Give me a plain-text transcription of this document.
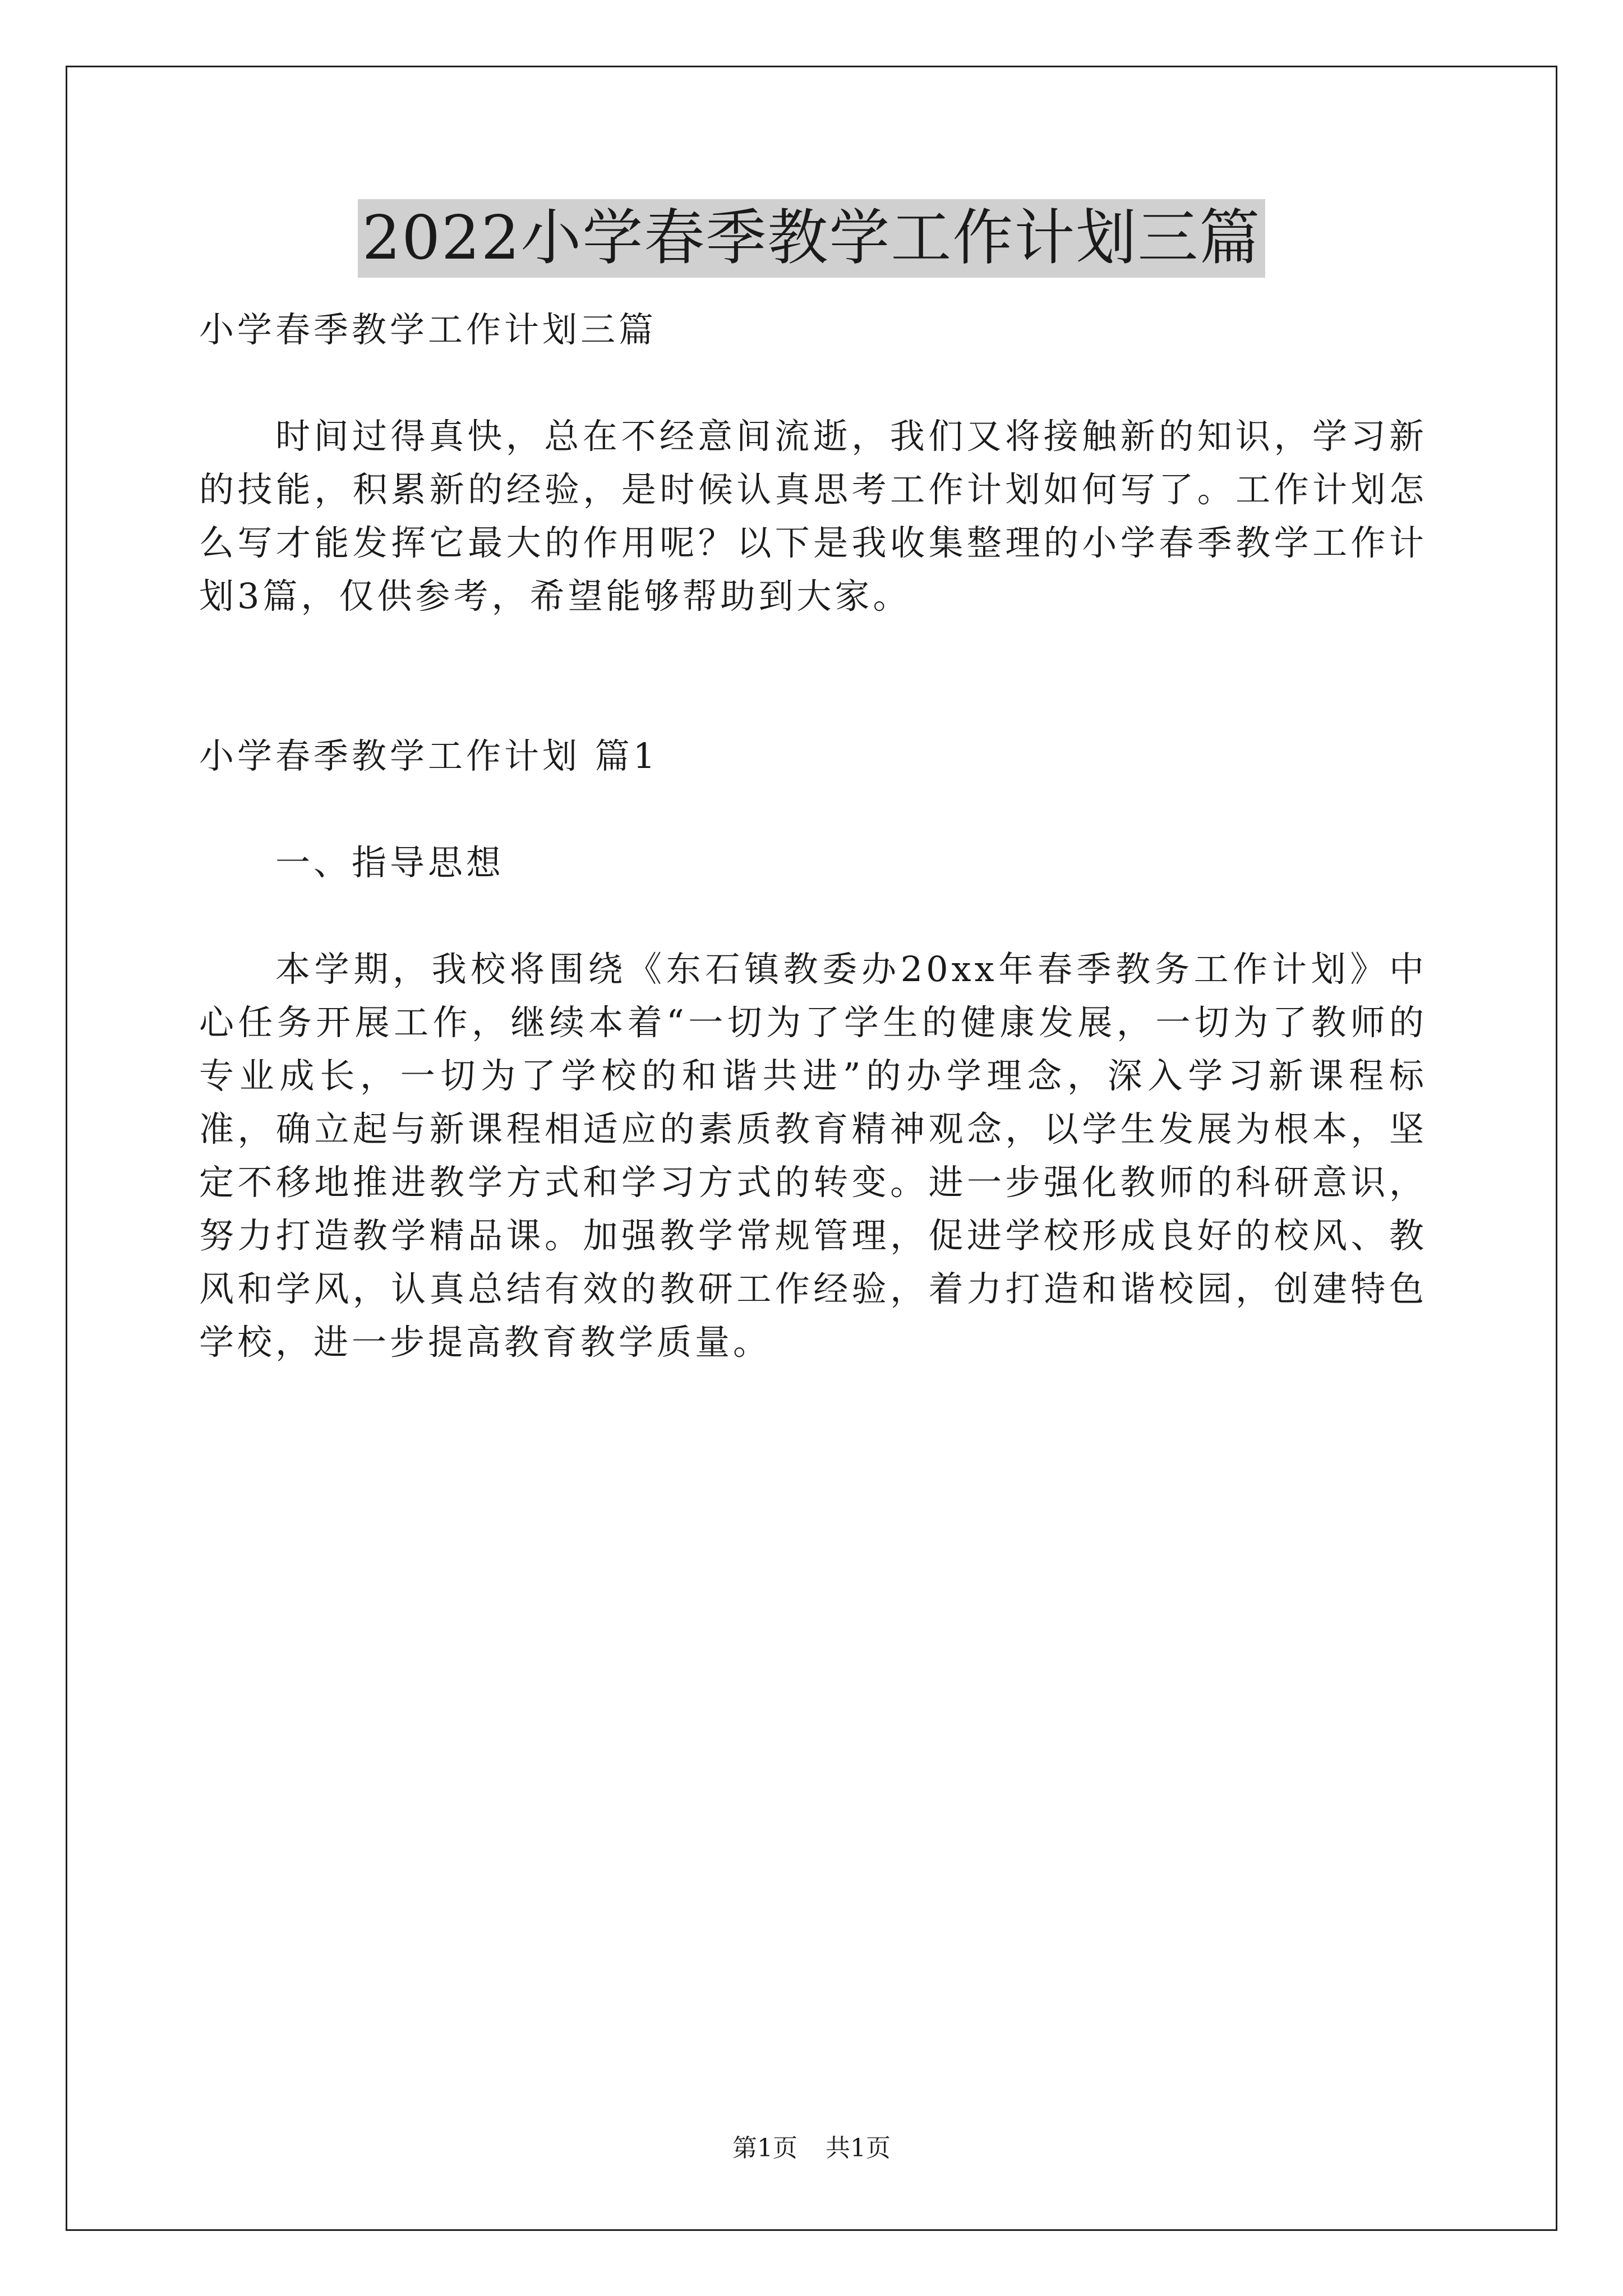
2022小学春季教学工作计划三篇

小学春季教学工作计划三篇

时间过得真快，总在不经意间流逝，我们又将接触新的知识，学习新的技能，积累新的经验，是时候认真思考工作计划如何写了。工作计划怎么写才能发挥它最大的作用呢？以下是我收集整理的小学春季教学工作计划3篇，仅供参考，希望能够帮助到大家。

小学春季教学工作计划 篇1

一、指导思想

本学期，我校将围绕《东石镇教委办20xx年春季教务工作计划》中心任务开展工作，继续本着“一切为了学生的健康发展，一切为了教师的专业成长，一切为了学校的和谐共进”的办学理念，深入学习新课程标准，确立起与新课程相适应的素质教育精神观念，以学生发展为根本，坚定不移地推进教学方式和学习方式的转变。进一步强化教师的科研意识，努力打造教学精品课。加强教学常规管理，促进学校形成良好的校风、教风和学风，认真总结有效的教研工作经验，着力打造和谐校园，创建特色学校，进一步提高教育教学质量。

第1页 共1页
